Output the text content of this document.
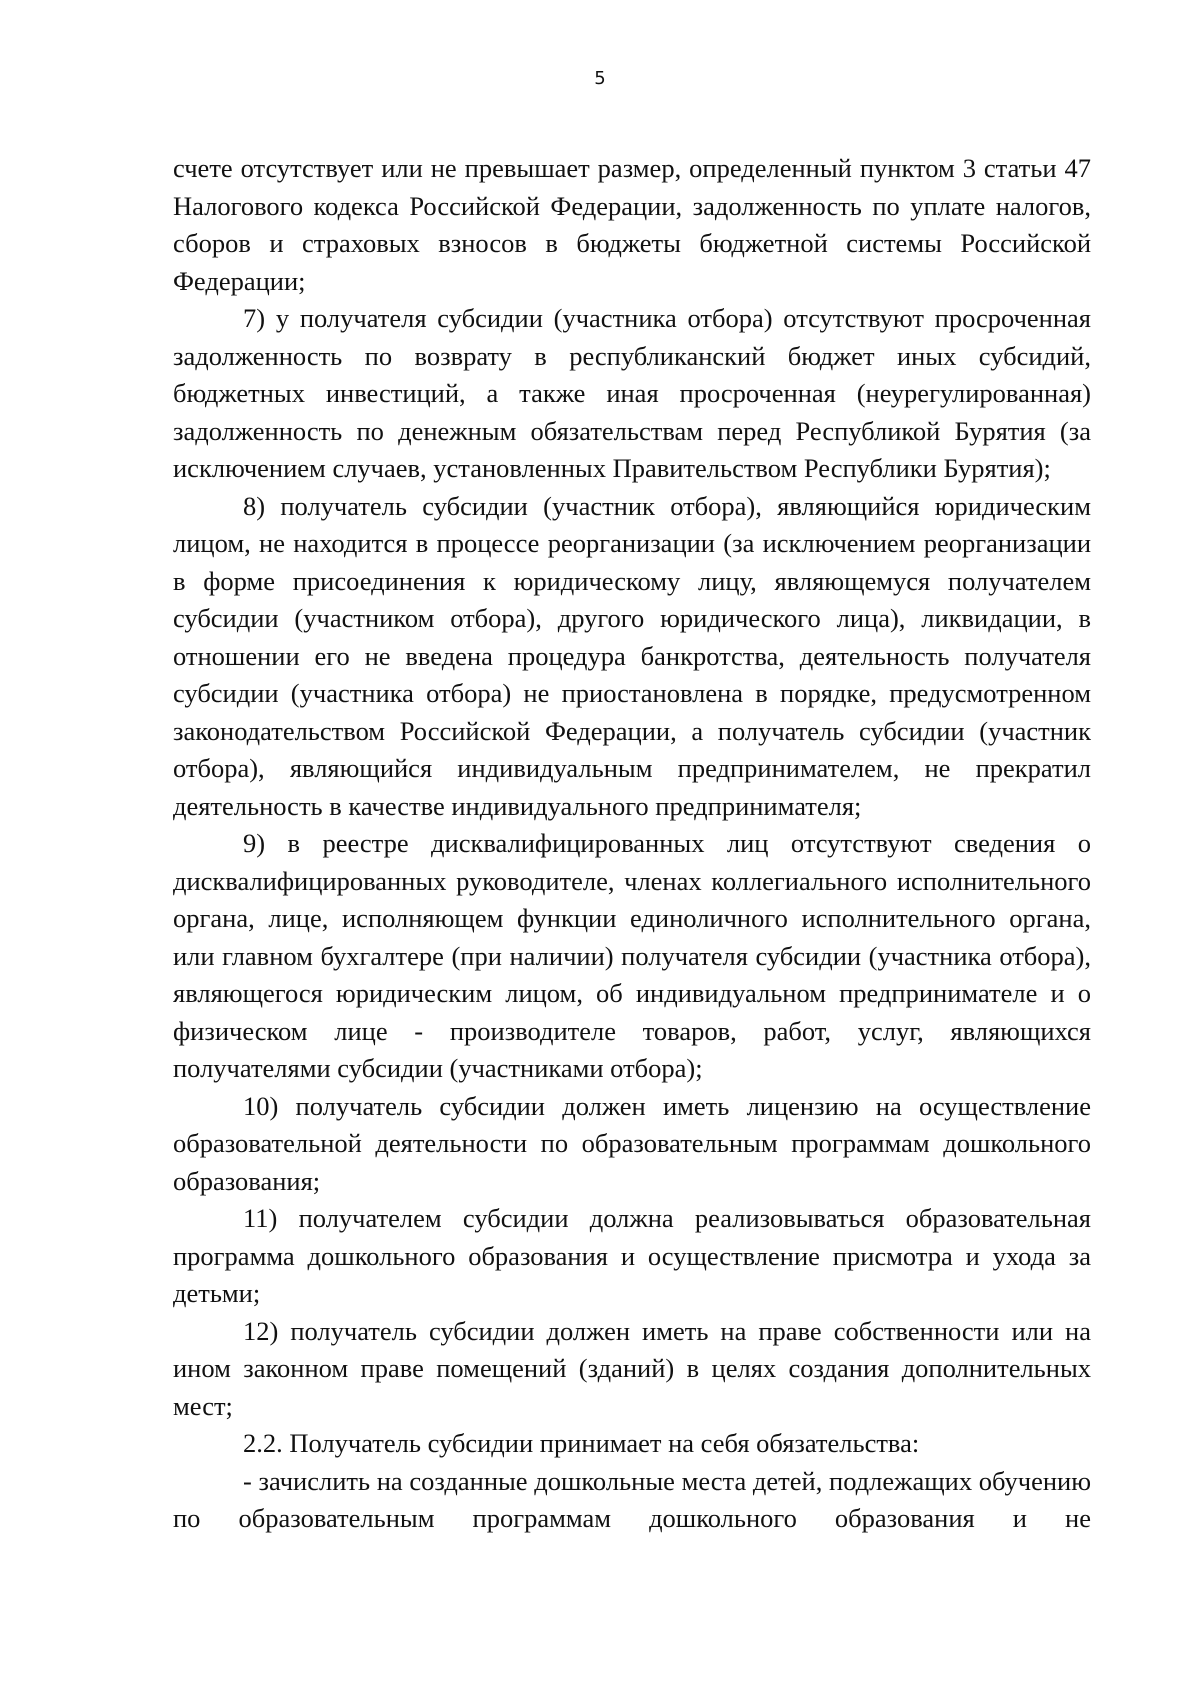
5

счете отсутствует или не превышает размер, определенный пунктом 3 статьи 47 Налогового кодекса Российской Федерации, задолженность по уплате налогов, сборов и страховых взносов в бюджеты бюджетной системы Российской Федерации;

7) у получателя субсидии (участника отбора) отсутствуют просроченная задолженность по возврату в республиканский бюджет иных субсидий, бюджетных инвестиций, а также иная просроченная (неурегулированная) задолженность по денежным обязательствам перед Республикой Бурятия (за исключением случаев, установленных Правительством Республики Бурятия);

8) получатель субсидии (участник отбора), являющийся юридическим лицом, не находится в процессе реорганизации (за исключением реорганизации в форме присоединения к юридическому лицу, являющемуся получателем субсидии (участником отбора), другого юридического лица), ликвидации, в отношении его не введена процедура банкротства, деятельность получателя субсидии (участника отбора) не приостановлена в порядке, предусмотренном законодательством Российской Федерации, а получатель субсидии (участник отбора), являющийся индивидуальным предпринимателем, не прекратил деятельность в качестве индивидуального предпринимателя;

9) в реестре дисквалифицированных лиц отсутствуют сведения о дисквалифицированных руководителе, членах коллегиального исполнительного органа, лице, исполняющем функции единоличного исполнительного органа, или главном бухгалтере (при наличии) получателя субсидии (участника отбора), являющегося юридическим лицом, об индивидуальном предпринимателе и о физическом лице - производителе товаров, работ, услуг, являющихся получателями субсидии (участниками отбора);

10) получатель субсидии должен иметь лицензию на осуществление образовательной деятельности по образовательным программам дошкольного образования;

11) получателем субсидии должна реализовываться образовательная программа дошкольного образования и осуществление присмотра и ухода за детьми;

12) получатель субсидии должен иметь на праве собственности или на ином законном праве помещений (зданий) в целях создания дополнительных мест;

2.2. Получатель субсидии принимает на себя обязательства:

- зачислить на созданные дошкольные места детей, подлежащих обучению по образовательным программам дошкольного образования и не
